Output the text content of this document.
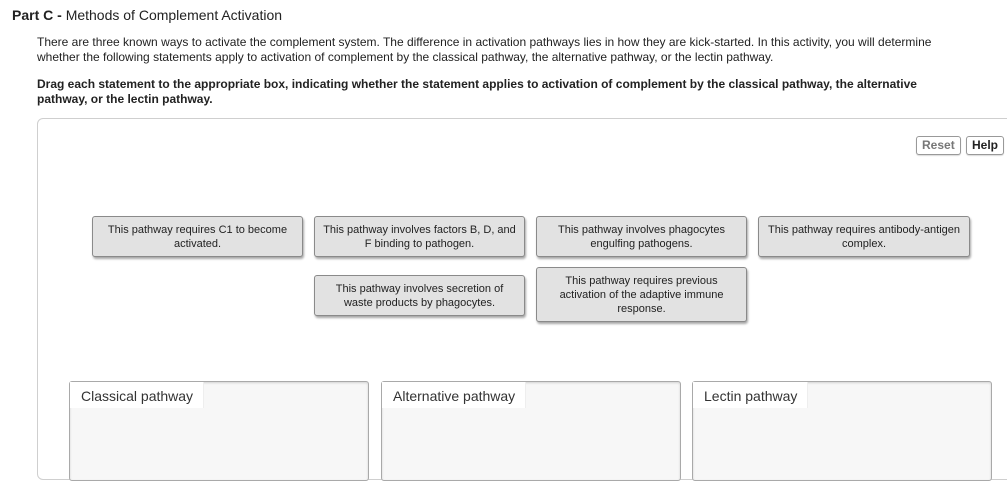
Part C - Methods of Complement Activation
There are three known ways to activate the complement system. The difference in activation pathways lies in how they are kick-started. In this activity, you will determine whether the following statements apply to activation of complement by the classical pathway, the alternative pathway, or the lectin pathway.
Drag each statement to the appropriate box, indicating whether the statement applies to activation of complement by the classical pathway, the alternative pathway, or the lectin pathway.
Reset	Help
This pathway requires C1 to become activated.
This pathway involves factors B, D, and F binding to pathogen.
This pathway involves phagocytes engulfing pathogens.
This pathway requires antibody-antigen complex.
This pathway involves secretion of waste products by phagocytes.
This pathway requires previous activation of the adaptive immune response.
Classical pathway	Alternative pathway	Lectin pathway
